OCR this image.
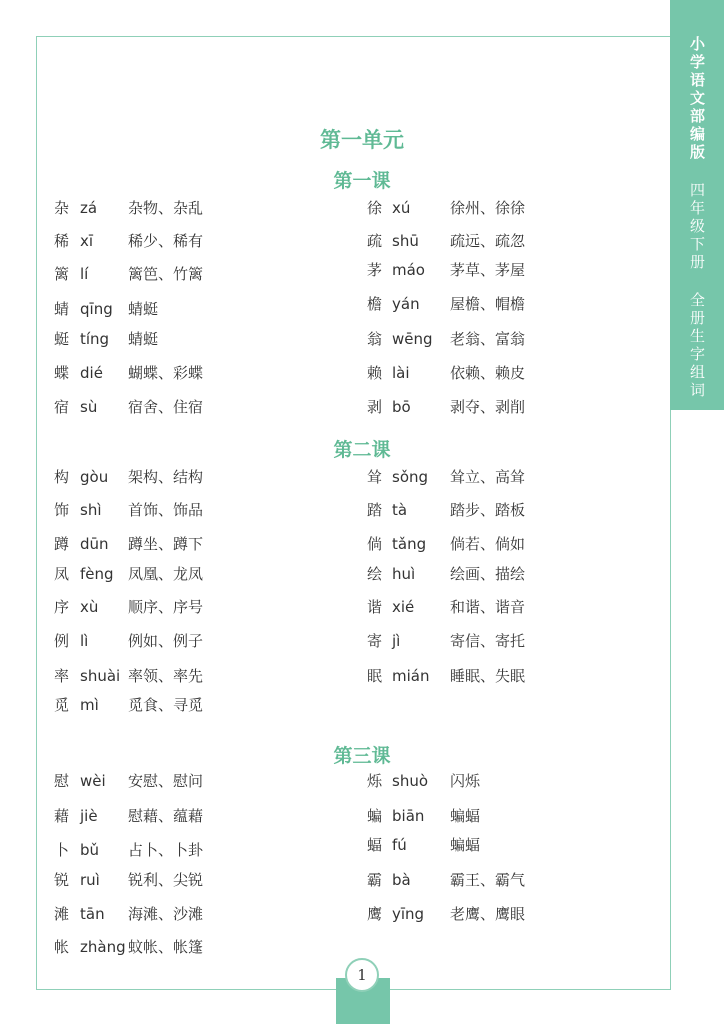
小学语文部编版
四年级下册
全册生字组词
第一单元
第一课
杂 zá 杂物、杂乱
稀 xī 稀少、稀有
篱 lí	篱笆、竹篱
蜻 qīng 蜻蜓
蜓 tíng 蜻蜓
蝶 dié 蝴蝶、彩蝶
宿 sù 宿舍、住宿
徐 xú	徐州、徐徐
疏 shū 疏远、疏忽
茅 máo 茅草、茅屋
檐 yán 屋檐、帽檐
翁 wēng 老翁、富翁
赖 lài	依赖、赖皮
剥 bō	剥夺、剥削
第二课
构 gòu 架构、结构
饰 shì 首饰、饰品
蹲 dūn 蹲坐、蹲下
凤 fèng 凤凰、龙凤
序 xù 顺序、序号
例 lì	例如、例子
率 shuài 率领、率先
觅 mì 觅食、寻觅
耸 sǒng 耸立、高耸
踏 tà	踏步、踏板
倘 tǎng 倘若、倘如
绘 huì 绘画、描绘
谐 xié 和谐、谐音
寄 jì	寄信、寄托
眠 mián 睡眠、失眠
第三课
慰 wèi 安慰、慰问
藉 jiè 慰藉、蕴藉
卜 bǔ 占卜、卜卦
锐 ruì 锐利、尖锐
滩 tān 海滩、沙滩
帐 zhàng 蚊帐、帐篷
烁 shuò 闪烁
蝙 biān 蝙蝠
蝠 fú	蝙蝠
霸 bà	霸王、霸气
鹰 yīng 老鹰、鹰眼
1
